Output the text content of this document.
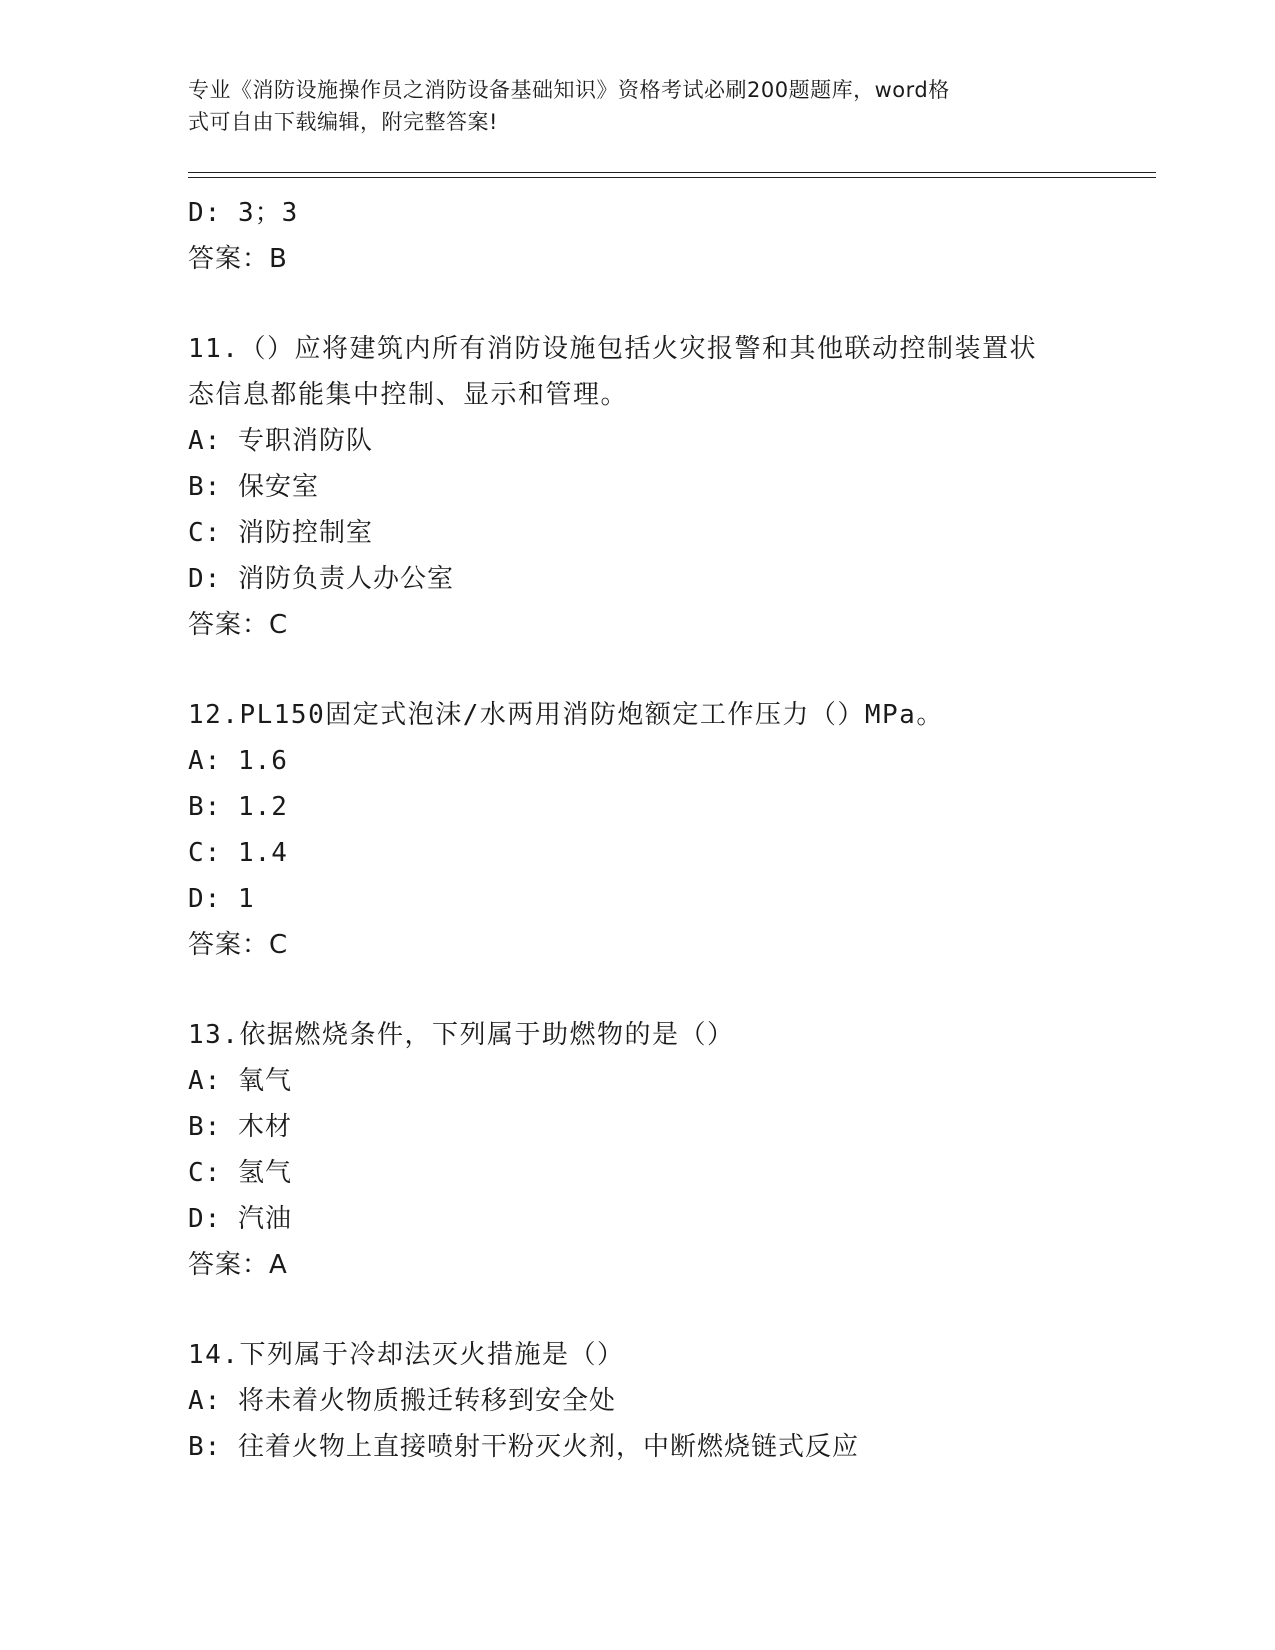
专业《消防设施操作员之消防设备基础知识》资格考试必刷200题题库，word格
式可自由下载编辑，附完整答案!
D: 3；3
答案：B
11.（）应将建筑内所有消防设施包括火灾报警和其他联动控制装置状
态信息都能集中控制、显示和管理。
A: 专职消防队
B: 保安室
C: 消防控制室
D: 消防负责人办公室
答案：C
12.PL150固定式泡沫/水两用消防炮额定工作压力（）MPa。
A: 1.6
B: 1.2
C: 1.4
D: 1
答案：C
13.依据燃烧条件，下列属于助燃物的是（）
A: 氧气
B: 木材
C: 氢气
D: 汽油
答案：A
14.下列属于冷却法灭火措施是（）
A: 将未着火物质搬迁转移到安全处
B: 往着火物上直接喷射干粉灭火剂，中断燃烧链式反应
